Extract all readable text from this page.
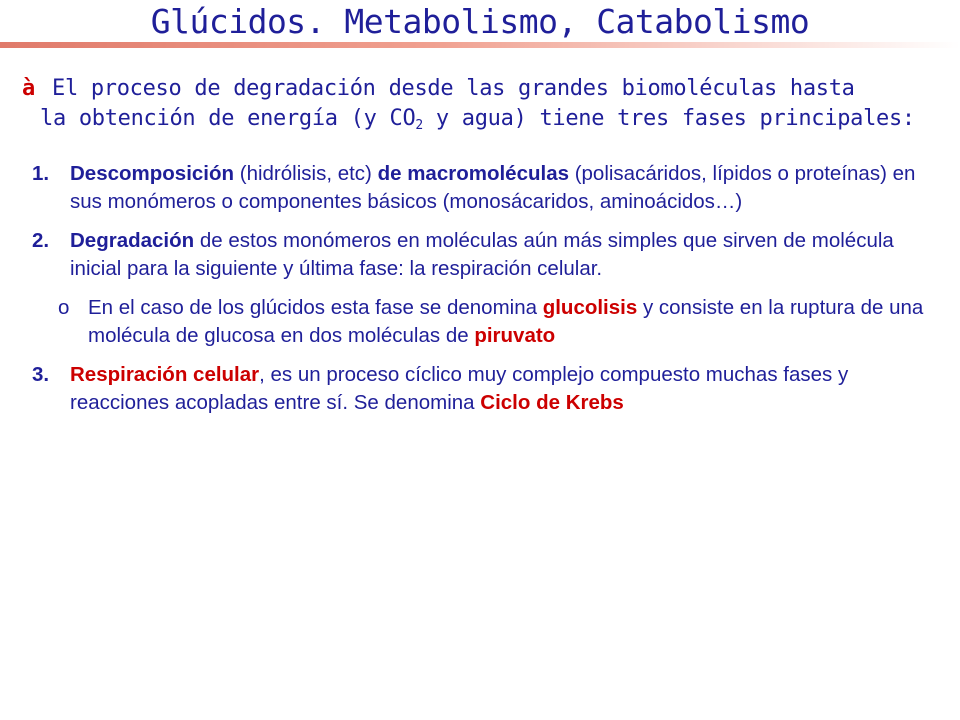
Glúcidos. Metabolismo, Catabolismo
à El proceso de degradación desde las grandes biomoléculas hasta
la obtención de energía (y $CO_2$ y agua) tiene tres fases principales:
1. Descomposición (hidrólisis, etc) de macromoléculas (polisacáridos, lípidos o proteínas) en sus monómeros o componentes básicos (monosácaridos, aminoácidos…)
2. Degradación de estos monómeros en moléculas aún más simples que sirven de molécula inicial para la siguiente y última fase: la respiración celular.
o En el caso de los glúcidos esta fase se denomina glucolisis y consiste en la ruptura de una molécula de glucosa en dos moléculas de piruvato
3. Respiración celular, es un proceso cíclico muy complejo compuesto muchas fases y reacciones acopladas entre sí. Se denomina Ciclo de Krebs
